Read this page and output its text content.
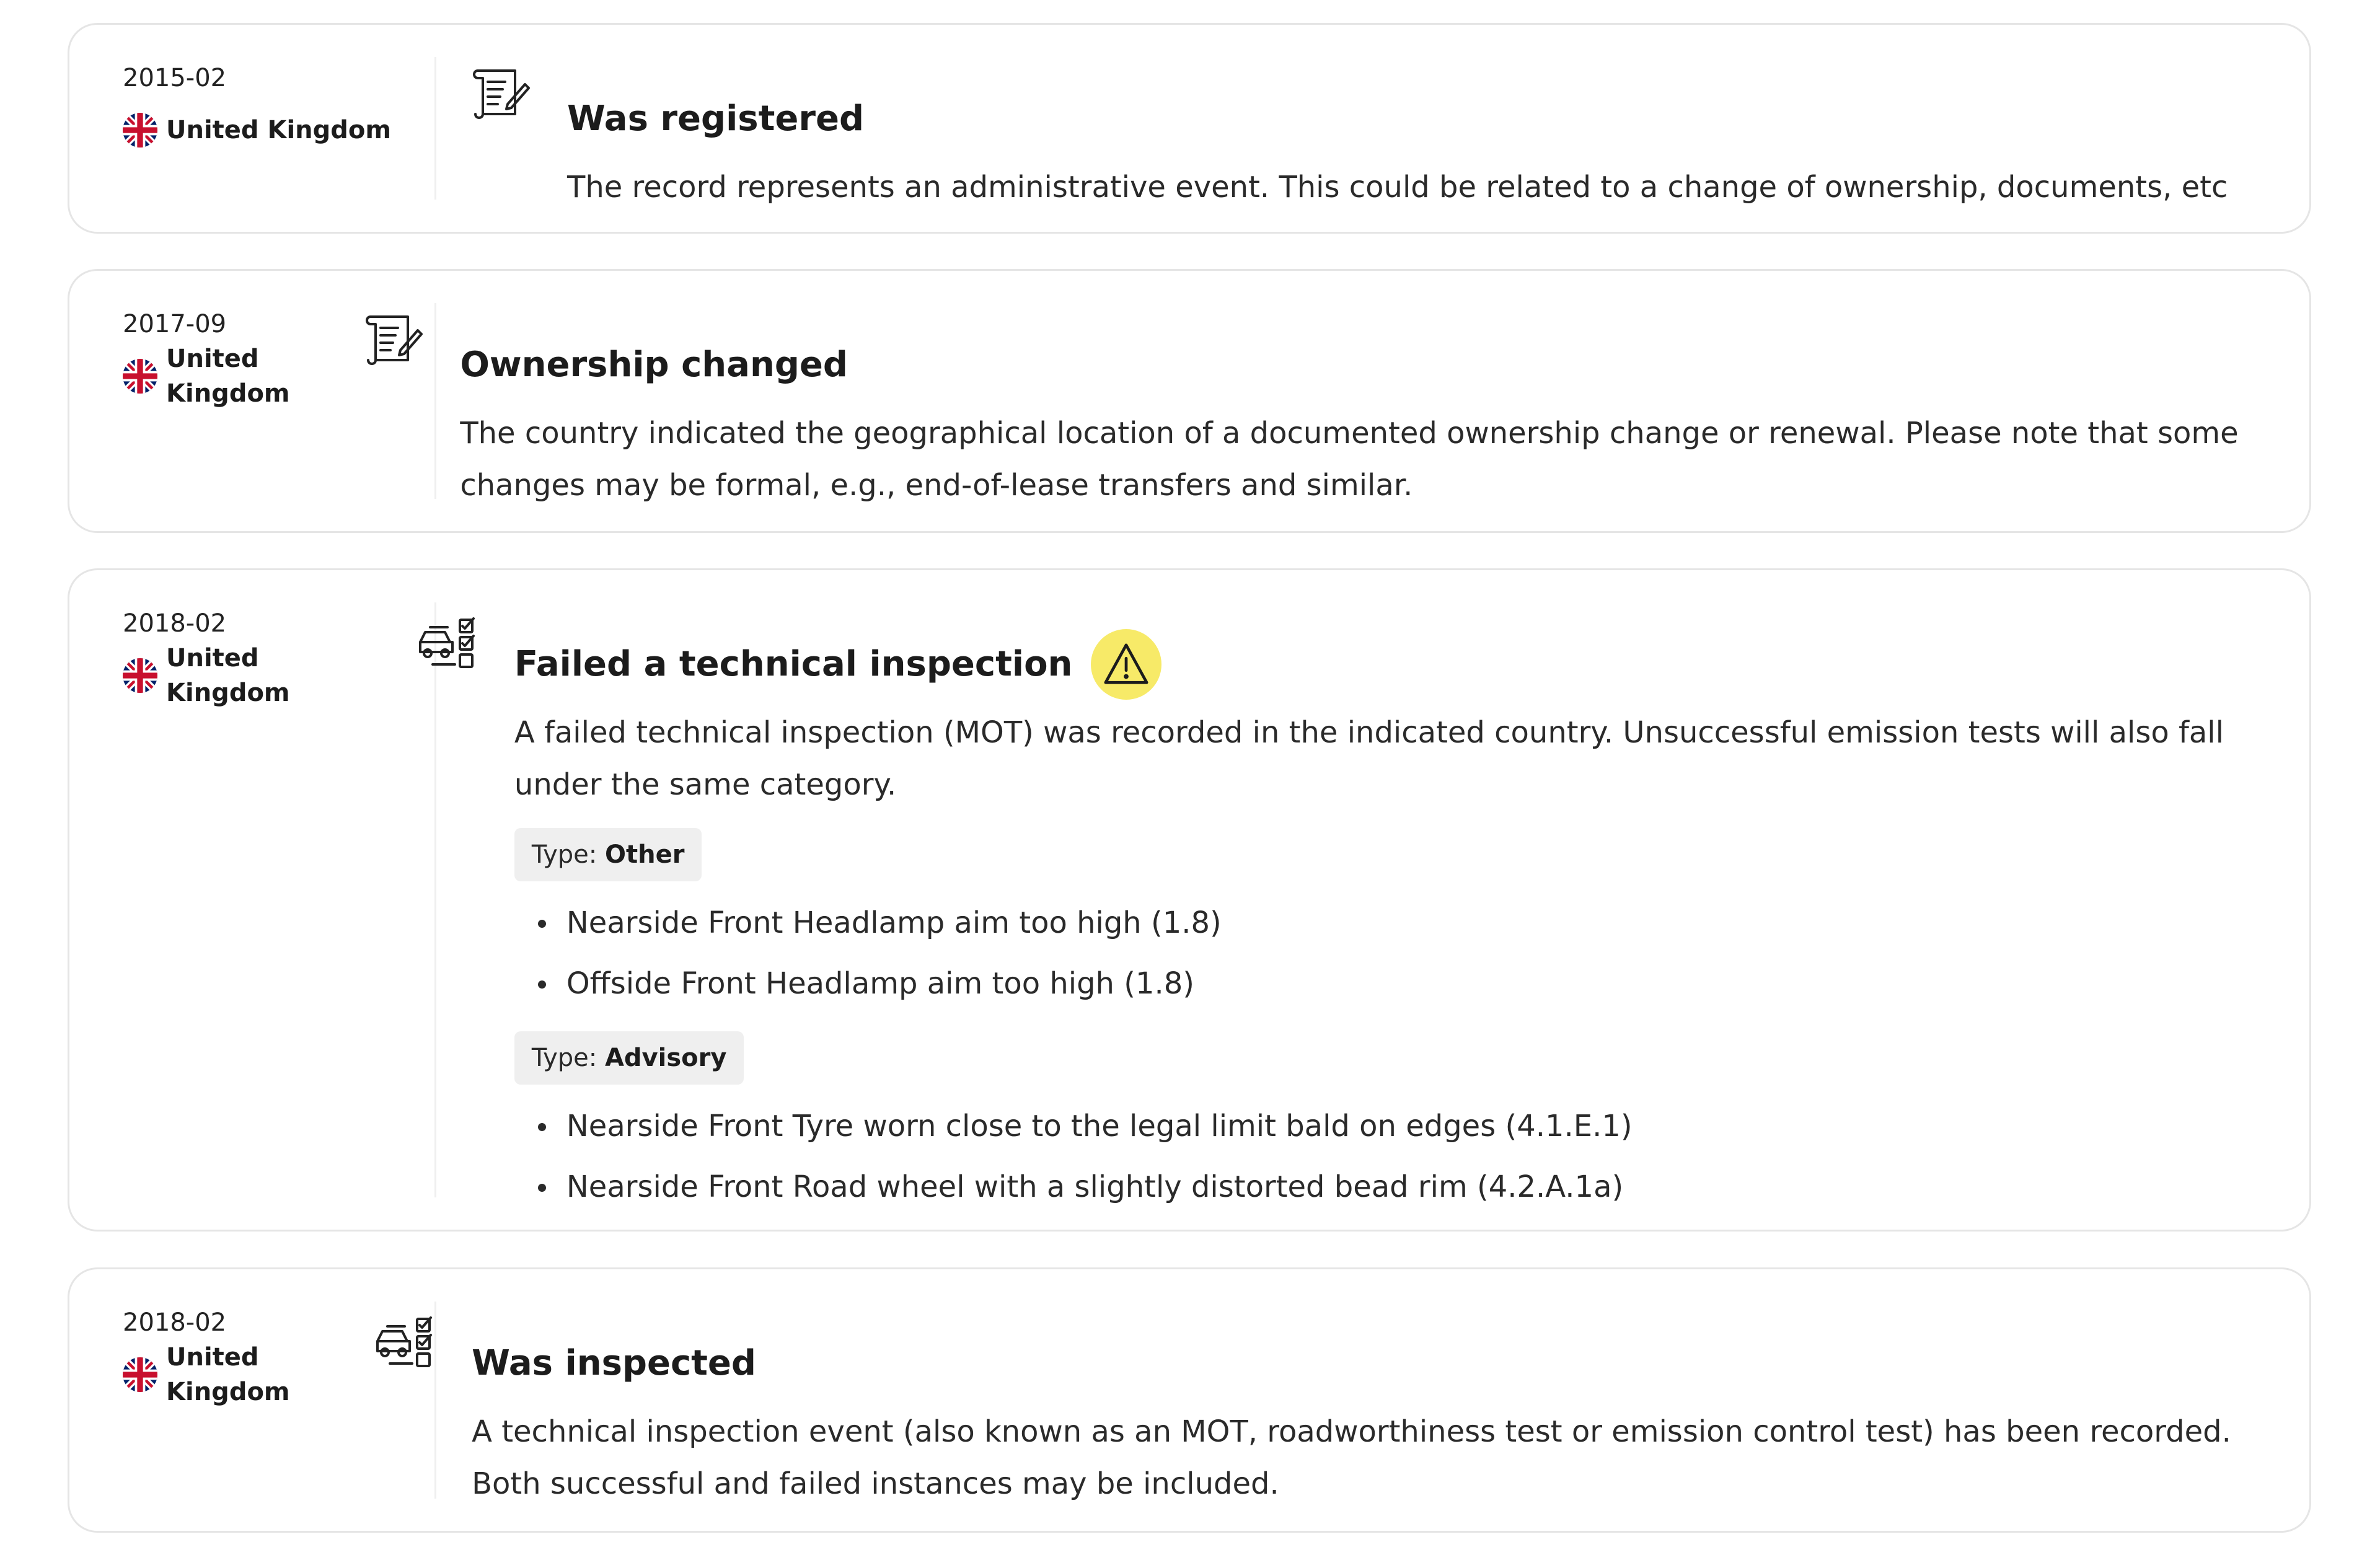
2015-02
United Kingdom	Was registered
The record represents an administrative event. This could be related to a change of ownership, documents, etc
2017-09
United Kingdom
Ownership changed
The country indicated the geographical location of a documented ownership change or renewal. Please note that some changes may be formal, e.g., end-of-lease transfers and similar.
2018-02
United Kingdom
Failed a technical inspection
A failed technical inspection (MOT) was recorded in the indicated country. Unsuccessful emission tests will also fall under the same category.
Type: Other
Nearside Front Headlamp aim too high (1.8)
Offside Front Headlamp aim too high (1.8)
Type: Advisory
Nearside Front Tyre worn close to the legal limit bald on edges (4.1.E.1)
Nearside Front Road wheel with a slightly distorted bead rim (4.2.A.1a)
2018-02
United Kingdom
Was inspected
A technical inspection event (also known as an MOT, roadworthiness test or emission control test) has been recorded. Both successful and failed instances may be included.
